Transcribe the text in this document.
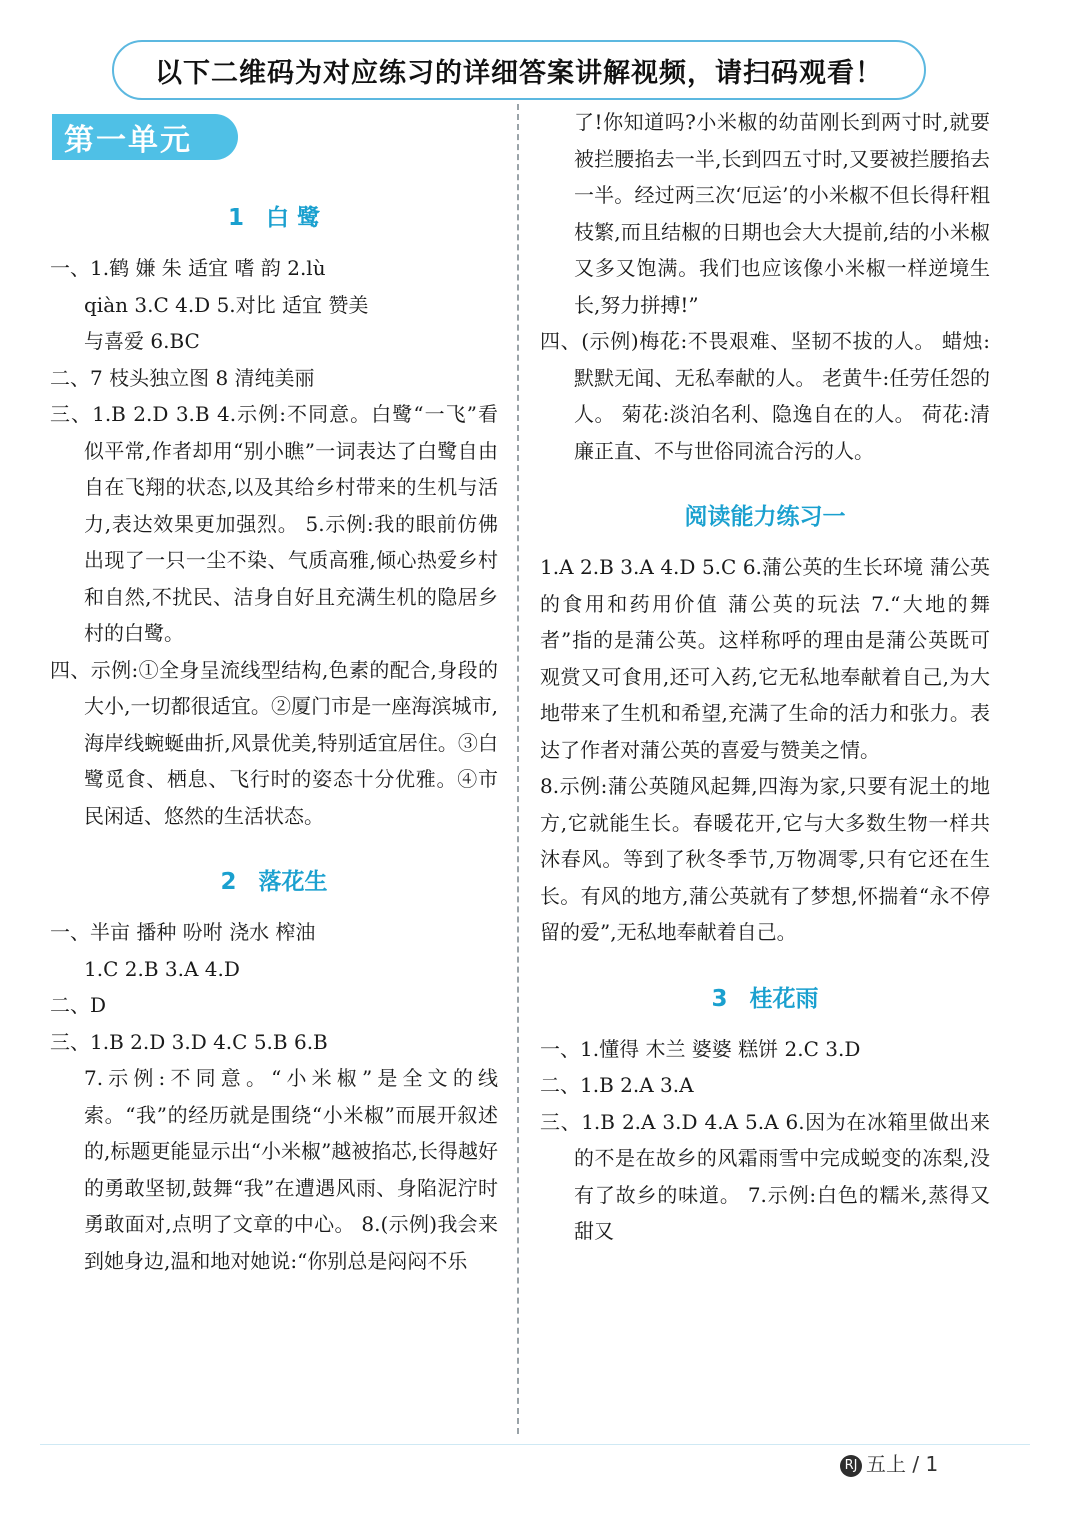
以下二维码为对应练习的详细答案讲解视频，请扫码观看！
第一单元
1 白 鹭

一、1.鹤 嫌 朱 适宜 嗜 韵 2.lù

qiàn 3.C 4.D 5.对比 适宜 赞美

与喜爱 6.BC

二、7 枝头独立图 8 清纯美丽

三、1.B 2.D 3.B 4.示例:不同意。白鹭“一飞”看似平常,作者却用“别小瞧”一词表达了白鹭自由自在飞翔的状态,以及其给乡村带来的生机与活力,表达效果更加强烈。 5.示例:我的眼前仿佛出现了一只一尘不染、气质高雅,倾心热爱乡村和自然,不扰民、洁身自好且充满生机的隐居乡村的白鹭。

四、示例:①全身呈流线型结构,色素的配合,身段的大小,一切都很适宜。②厦门市是一座海滨城市,海岸线蜿蜒曲折,风景优美,特别适宜居住。③白鹭觅食、栖息、飞行时的姿态十分优雅。④市民闲适、悠然的生活状态。

2 落花生

一、半亩 播种 吩咐 浇水 榨油

1.C 2.B 3.A 4.D

二、D

三、1.B 2.D 3.D 4.C 5.B 6.B

7.示例:不同意。“小米椒”是全文的线索。“我”的经历就是围绕“小米椒”而展开叙述的,标题更能显示出“小米椒”越被掐芯,长得越好的勇敢坚韧,鼓舞“我”在遭遇风雨、身陷泥泞时勇敢面对,点明了文章的中心。 8.(示例)我会来到她身边,温和地对她说:“你别总是闷闷不乐

了!你知道吗?小米椒的幼苗刚长到两寸时,就要被拦腰掐去一半,长到四五寸时,又要被拦腰掐去一半。经过两三次‘厄运’的小米椒不但长得秆粗枝繁,而且结椒的日期也会大大提前,结的小米椒又多又饱满。我们也应该像小米椒一样逆境生长,努力拼搏!”

四、(示例)梅花:不畏艰难、坚韧不拔的人。 蜡烛:默默无闻、无私奉献的人。 老黄牛:任劳任怨的人。 菊花:淡泊名利、隐逸自在的人。 荷花:清廉正直、不与世俗同流合污的人。

阅读能力练习一

1.A 2.B 3.A 4.D 5.C 6.蒲公英的生长环境 蒲公英的食用和药用价值 蒲公英的玩法 7.“大地的舞者”指的是蒲公英。这样称呼的理由是蒲公英既可观赏又可食用,还可入药,它无私地奉献着自己,为大地带来了生机和希望,充满了生命的活力和张力。表达了作者对蒲公英的喜爱与赞美之情。

8.示例:蒲公英随风起舞,四海为家,只要有泥土的地方,它就能生长。春暖花开,它与大多数生物一样共沐春风。等到了秋冬季节,万物凋零,只有它还在生长。有风的地方,蒲公英就有了梦想,怀揣着“永不停留的爱”,无私地奉献着自己。

3 桂花雨

一、1.懂得 木兰 婆婆 糕饼 2.C 3.D

二、1.B 2.A 3.A

三、1.B 2.A 3.D 4.A 5.A 6.因为在冰箱里做出来的不是在故乡的风霜雨雪中完成蜕变的冻梨,没有了故乡的味道。 7.示例:白色的糯米,蒸得又甜又

RJ 五上 / 1
